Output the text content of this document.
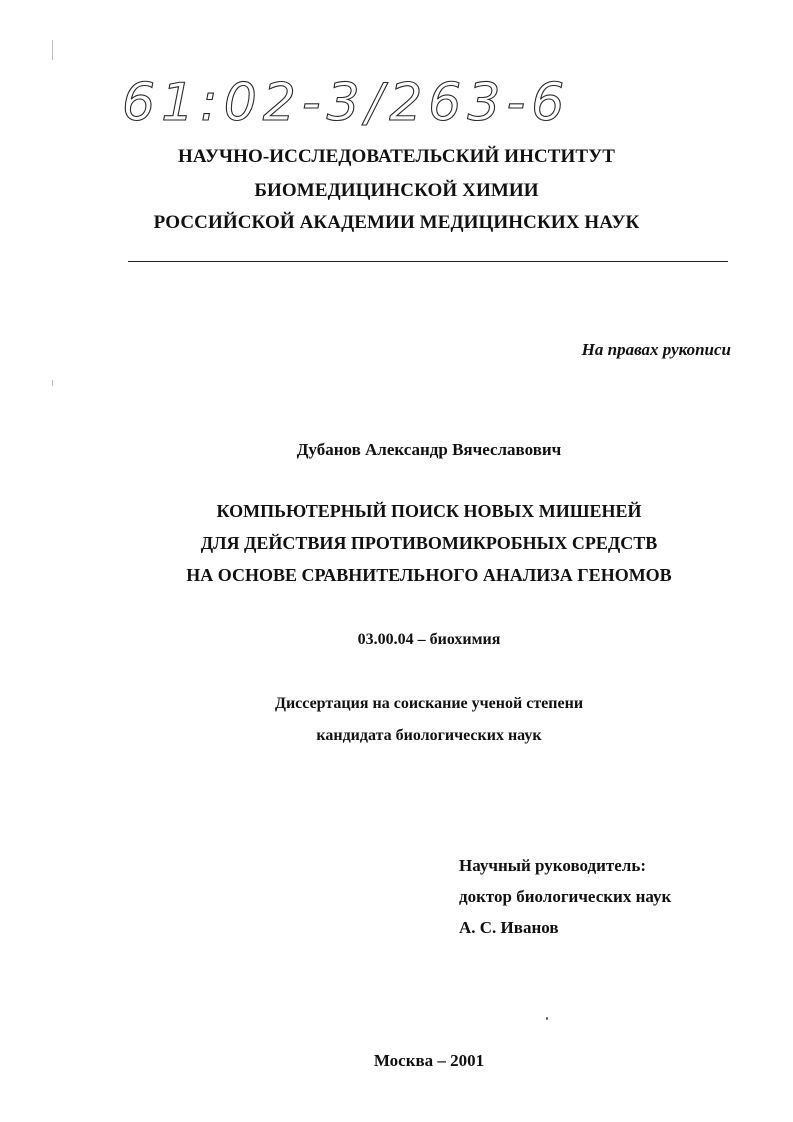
61:02-3/263-6
НАУЧНО-ИССЛЕДОВАТЕЛЬСКИЙ ИНСТИТУТ
БИОМЕДИЦИНСКОЙ ХИМИИ
РОССИЙСКОЙ АКАДЕМИИ МЕДИЦИНСКИХ НАУК
На правах рукописи
Дубанов Александр Вячеславович
КОМПЬЮТЕРНЫЙ ПОИСК НОВЫХ МИШЕНЕЙ
ДЛЯ ДЕЙСТВИЯ ПРОТИВОМИКРОБНЫХ СРЕДСТВ
НА ОСНОВЕ СРАВНИТЕЛЬНОГО АНАЛИЗА ГЕНОМОВ
03.00.04 – биохимия
Диссертация на соискание ученой степени
кандидата биологических наук
Научный руководитель:
доктор биологических наук
А. С. Иванов
Москва – 2001
